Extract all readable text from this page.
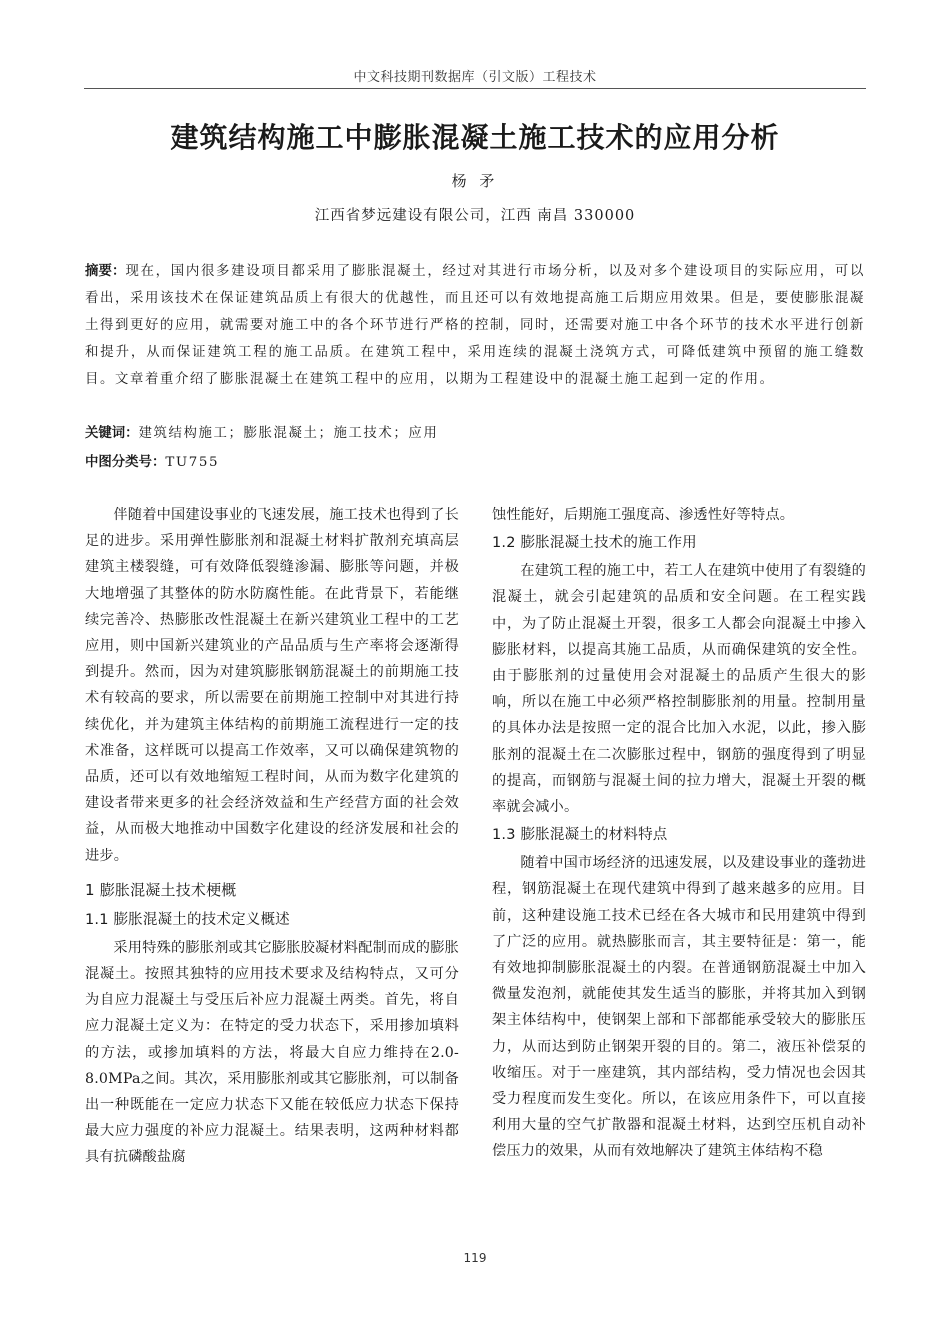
中文科技期刊数据库（引文版）工程技术
建筑结构施工中膨胀混凝土施工技术的应用分析
杨 矛
江西省梦远建设有限公司，江西 南昌 330000
摘要：现在，国内很多建设项目都采用了膨胀混凝土，经过对其进行市场分析，以及对多个建设项目的实际应用，可以看出，采用该技术在保证建筑品质上有很大的优越性，而且还可以有效地提高施工后期应用效果。但是，要使膨胀混凝土得到更好的应用，就需要对施工中的各个环节进行严格的控制，同时，还需要对施工中各个环节的技术水平进行创新和提升，从而保证建筑工程的施工品质。在建筑工程中，采用连续的混凝土浇筑方式，可降低建筑中预留的施工缝数目。文章着重介绍了膨胀混凝土在建筑工程中的应用，以期为工程建设中的混凝土施工起到一定的作用。
关键词：建筑结构施工；膨胀混凝土；施工技术；应用
中图分类号：TU755

伴随着中国建设事业的飞速发展，施工技术也得到了长足的进步。采用弹性膨胀剂和混凝土材料扩散剂充填高层建筑主楼裂缝，可有效降低裂缝渗漏、膨胀等问题，并极大地增强了其整体的防水防腐性能。在此背景下，若能继续完善冷、热膨胀改性混凝土在新兴建筑业工程中的工艺应用，则中国新兴建筑业的产品品质与生产率将会逐渐得到提升。然而，因为对建筑膨胀钢筋混凝土的前期施工技术有较高的要求，所以需要在前期施工控制中对其进行持续优化，并为建筑主体结构的前期施工流程进行一定的技术准备，这样既可以提高工作效率，又可以确保建筑物的品质，还可以有效地缩短工程时间，从而为数字化建筑的建设者带来更多的社会经济效益和生产经营方面的社会效益，从而极大地推动中国数字化建设的经济发展和社会的进步。

1 膨胀混凝土技术梗概
1.1 膨胀混凝土的技术定义概述

采用特殊的膨胀剂或其它膨胀胶凝材料配制而成的膨胀混凝土。按照其独特的应用技术要求及结构特点，又可分为自应力混凝土与受压后补应力混凝土两类。首先，将自应力混凝土定义为：在特定的受力状态下，采用掺加填料的方法，或掺加填料的方法，将最大自应力维持在2.0-8.0MPa之间。其次，采用膨胀剂或其它膨胀剂，可以制备出一种既能在一定应力状态下又能在较低应力状态下保持最大应力强度的补应力混凝土。结果表明，这两种材料都具有抗磷酸盐腐

蚀性能好，后期施工强度高、渗透性好等特点。

1.2 膨胀混凝土技术的施工作用

在建筑工程的施工中，若工人在建筑中使用了有裂缝的混凝土，就会引起建筑的品质和安全问题。在工程实践中，为了防止混凝土开裂，很多工人都会向混凝土中掺入膨胀材料，以提高其施工品质，从而确保建筑的安全性。由于膨胀剂的过量使用会对混凝土的品质产生很大的影响，所以在施工中必须严格控制膨胀剂的用量。控制用量的具体办法是按照一定的混合比加入水泥，以此，掺入膨胀剂的混凝土在二次膨胀过程中，钢筋的强度得到了明显的提高，而钢筋与混凝土间的拉力增大，混凝土开裂的概率就会减小。

1.3 膨胀混凝土的材料特点

随着中国市场经济的迅速发展，以及建设事业的蓬勃进程，钢筋混凝土在现代建筑中得到了越来越多的应用。目前，这种建设施工技术已经在各大城市和民用建筑中得到了广泛的应用。就热膨胀而言，其主要特征是：第一，能有效地抑制膨胀混凝土的内裂。在普通钢筋混凝土中加入微量发泡剂，就能使其发生适当的膨胀，并将其加入到钢架主体结构中，使钢架上部和下部都能承受较大的膨胀压力，从而达到防止钢架开裂的目的。第二，液压补偿泵的收缩压。对于一座建筑，其内部结构，受力情况也会因其受力程度而发生变化。所以，在该应用条件下，可以直接利用大量的空气扩散器和混凝土材料，达到空压机自动补偿压力的效果，从而有效地解决了建筑主体结构不稳

119
